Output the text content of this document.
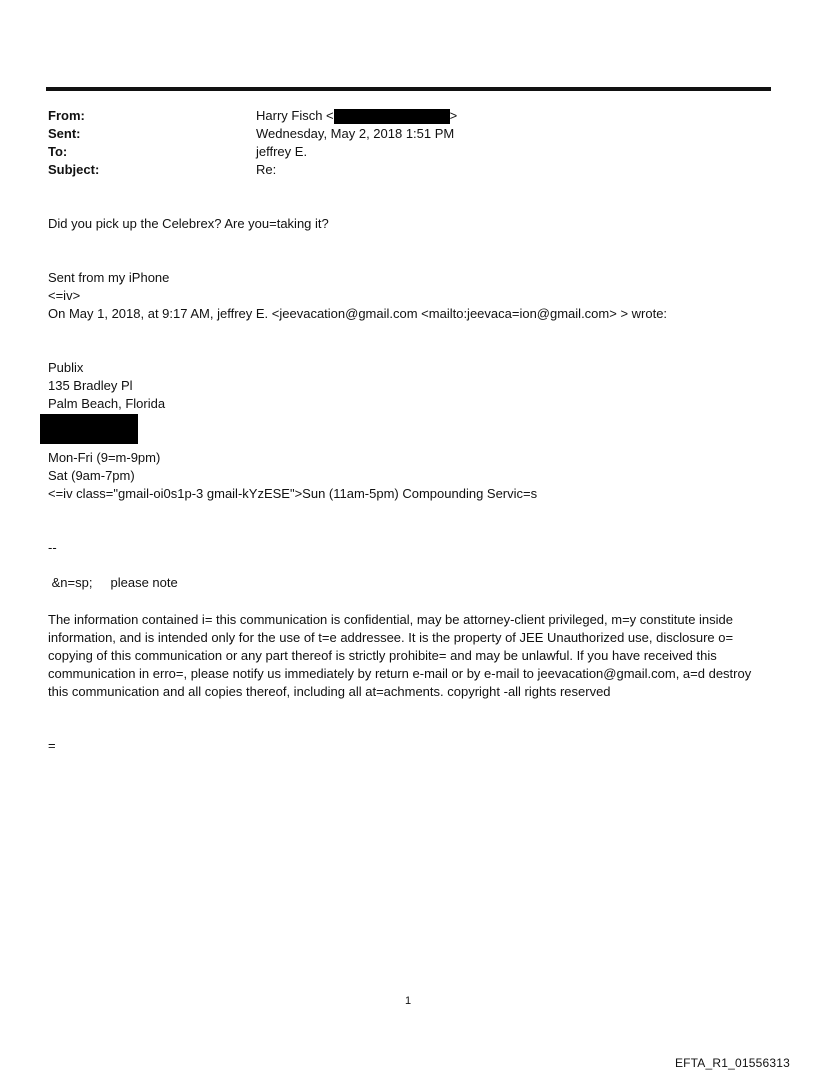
From:	Harry Fisch <	>
Sent:	Wednesday, May 2, 2018 1:51 PM
To:	jeffrey E.
Subject:	Re:
Did you pick up the Celebrex? Are you=taking it?
Sent from my iPhone
<=iv>
On May 1, 2018, at 9:17 AM, jeffrey E. <jeevacation@gmail.com <mailto:jeevaca=ion@gmail.com> > wrote:
Publix
135 Bradley Pl
Palm Beach, Florida
Mon-Fri (9=m-9pm)
Sat (9am-7pm)
<=iv class="gmail-oi0s1p-3 gmail-kYzESE">Sun (11am-5pm) Compounding Servic=s
--
&n=sp;     please note
The information contained i= this communication is confidential, may be attorney-client privileged, m=y constitute inside information, and is intended only for the use of t=e addressee. It is the property of JEE Unauthorized use, disclosure o= copying of this communication or any part thereof is strictly prohibite= and may be unlawful. If you have received this communication in erro=, please notify us immediately by return e-mail or by e-mail to jeevacation@gmail.com, a=d destroy this communication and all copies thereof, including all at=achments. copyright -all rights reserved
=
1
EFTA_R1_01556313
